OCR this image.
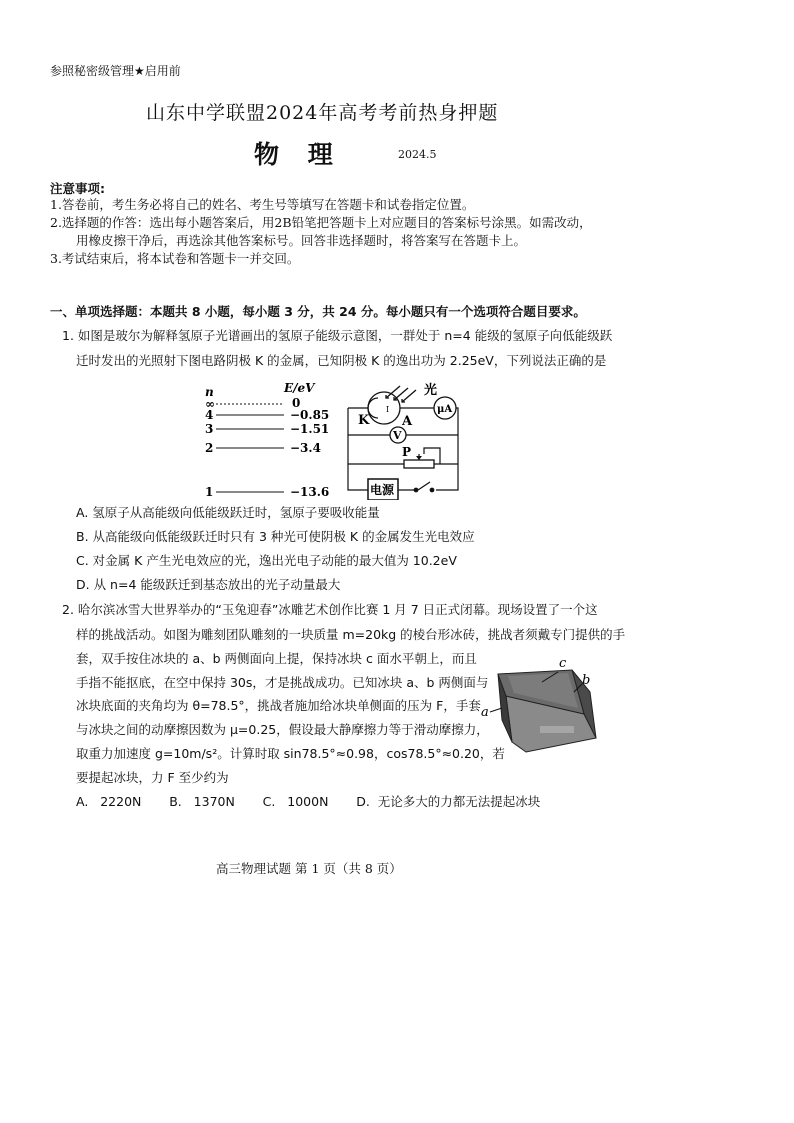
参照秘密级管理★启用前
山东中学联盟2024年高考考前热身押题
物 理	2024.5
注意事项:
1.答卷前，考生务必将自己的姓名、考生号等填写在答题卡和试卷指定位置。
2.选择题的作答：选出每小题答案后，用2B铅笔把答题卡上对应题目的答案标号涂黑。如需改动，
用橡皮擦干净后，再选涂其他答案标号。回答非选择题时，将答案写在答题卡上。
3.考试结束后，将本试卷和答题卡一并交回。
一、单项选择题：本题共 8 小题，每小题 3 分，共 24 分。每小题只有一个选项符合题目要求。
1. 如图是玻尔为解释氢原子光谱画出的氢原子能级示意图，一群处于 n=4 能级的氢原子向低能级跃
迁时发出的光照射下图电路阴极 K 的金属，已知阴极 K 的逸出功为 2.25eV，下列说法正确的是
n	E/eV
∞	0
4	−0.85
3	−1.51
2	−3.4
1	−13.6
光
I
K	A
μA
V
P
电源
A. 氢原子从高能级向低能级跃迁时，氢原子要吸收能量
B. 从高能级向低能级跃迁时只有 3 种光可使阴极 K 的金属发生光电效应
C. 对金属 K 产生光电效应的光，逸出光电子动能的最大值为 10.2eV
D. 从 n=4 能级跃迁到基态放出的光子动量最大
2. 哈尔滨冰雪大世界举办的“玉兔迎春”冰雕艺术创作比赛 1 月 7 日正式闭幕。现场设置了一个这
样的挑战活动。如图为雕刻团队雕刻的一块质量 m=20kg 的棱台形冰砖，挑战者须戴专门提供的手
套，双手按住冰块的 a、b 两侧面向上提，保持冰块 c 面水平朝上，而且
手指不能抠底，在空中保持 30s，才是挑战成功。已知冰块 a、b 两侧面与
冰块底面的夹角均为 θ=78.5°，挑战者施加给冰块单侧面的压为 F，手套
与冰块之间的动摩擦因数为 μ=0.25，假设最大静摩擦力等于滑动摩擦力，
取重力加速度 g=10m/s²。计算时取 sin78.5°≈0.98，cos78.5°≈0.20，若
要提起冰块，力 F 至少约为
A.   2220N       B.   1370N       C.   1000N       D.  无论多大的力都无法提起冰块
c
b
a
高三物理试题 第 1 页（共 8 页）
